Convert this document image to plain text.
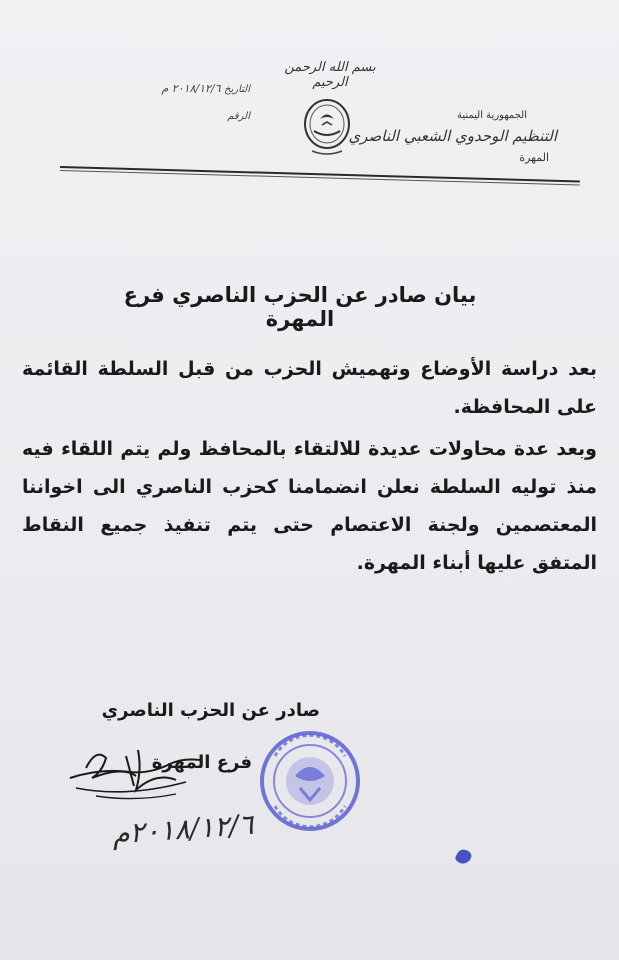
الجمهورية اليمنية
التنظيم الوحدوي الشعبي الناصري
المهرة
بسم الله الرحمن الرحيم
التاريخ ٢٠١٨/١٢/٦ م
الرقم
بيان صادر عن الحزب الناصري فرع المهرة

بعد دراسة الأوضاع وتهميش الحزب من قبل السلطة القائمة على المحافظة.

وبعد عدة محاولات عديدة للالتقاء بالمحافظ ولم يتم اللقاء فيه منذ توليه السلطة نعلن انضمامنا كحزب الناصري الى اخواننا المعتصمين ولجنة الاعتصام حتى يتم تنفيذ جميع النقاط المتفق عليها أبناء المهرة.

صادر عن الحزب الناصري
فرع المهرة
٢٠١٨/١٢/٦م
